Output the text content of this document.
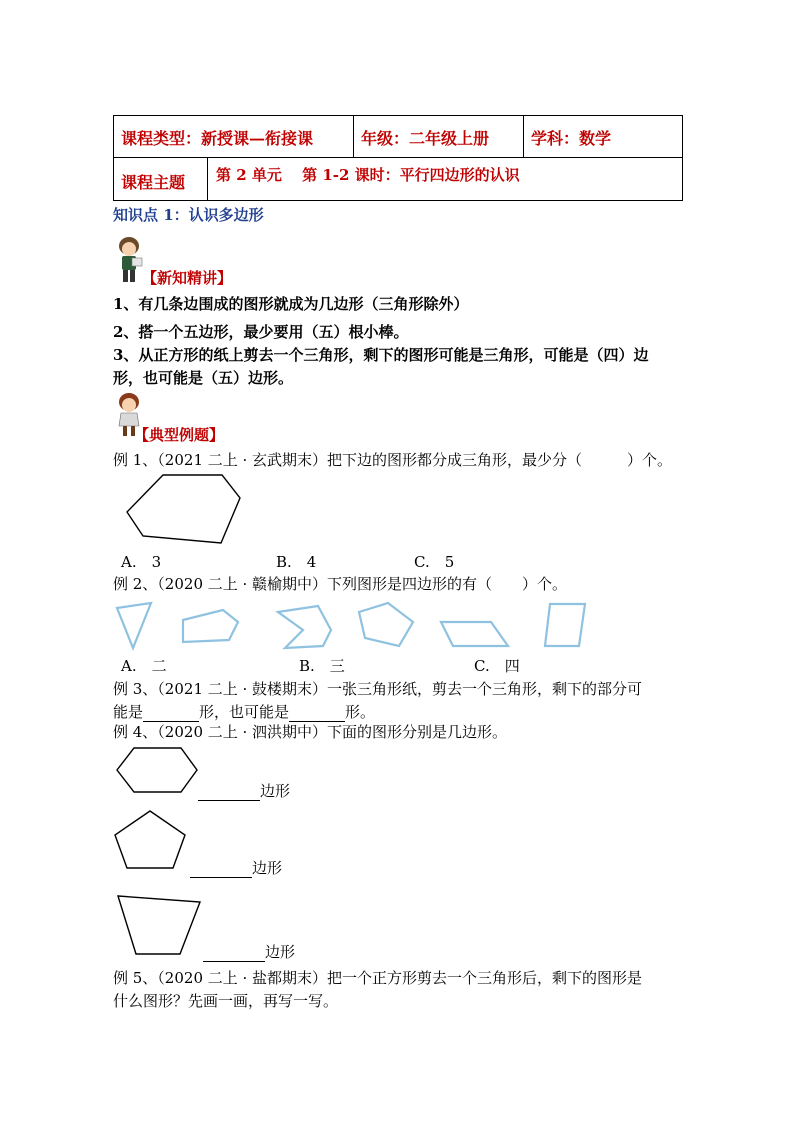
课程类型：新授课—衔接课	年级：二年级上册	学科：数学
课程主题 第 2 单元　 第 1-2 课时：平行四边形的认识
知识点 1：认识多边形
【新知精讲】
1、有几条边围成的图形就成为几边形（三角形除外）
2、搭一个五边形，最少要用（五）根小棒。
3、从正方形的纸上剪去一个三角形，剩下的图形可能是三角形，可能是（四）边
形，也可能是（五）边形。
【典型例题】
例 1、（2021 二上 · 玄武期末）把下边的图形都分成三角形，最少分（　　　）个。
A.　3	B.　4	C.　5
例 2、（2020 二上 · 赣榆期中）下列图形是四边形的有（　　）个。
A.　二	B.　三	C.　四
例 3、（2021 二上 · 鼓楼期末）一张三角形纸，剪去一个三角形，剩下的部分可
能是	形，也可能是	形。
例 4、（2020 二上 · 泗洪期中）下面的图形分别是几边形。
边形
边形
边形
例 5、（2020 二上 · 盐都期末）把一个正方形剪去一个三角形后，剩下的图形是
什么图形？先画一画，再写一写。
